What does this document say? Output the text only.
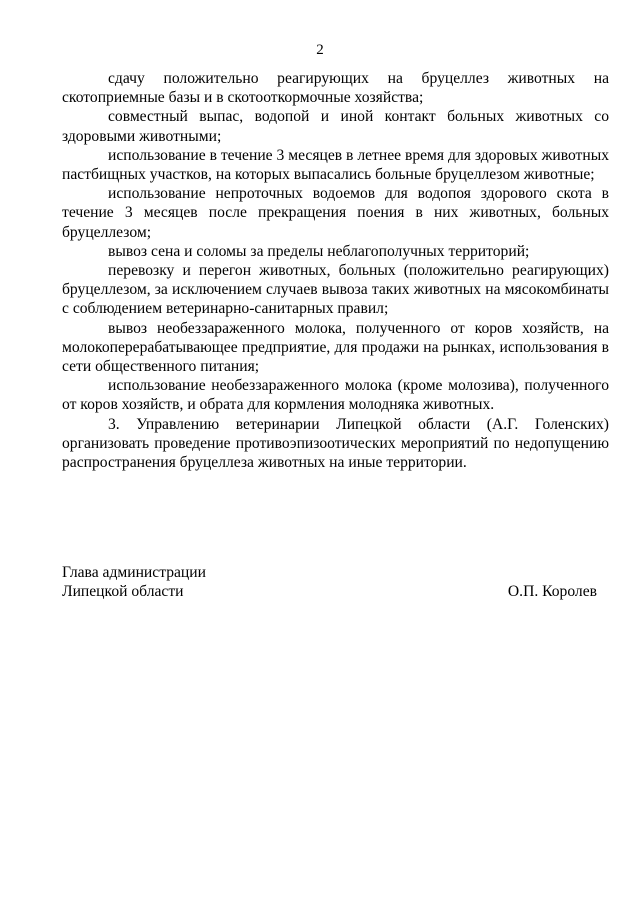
2

сдачу положительно реагирующих на бруцеллез животных на скотоприемные базы и в скотооткормочные хозяйства;

совместный выпас, водопой и иной контакт больных животных со здоровыми животными;

использование в течение 3 месяцев в летнее время для здоровых животных пастбищных участков, на которых выпасались больные бруцеллезом животные;

использование непроточных водоемов для водопоя здорового скота в течение 3 месяцев после прекращения поения в них животных, больных бруцеллезом;

вывоз сена и соломы за пределы неблагополучных территорий;

перевозку и перегон животных, больных (положительно реагирующих) бруцеллезом, за исключением случаев вывоза таких животных на мясокомбинаты с соблюдением ветеринарно-санитарных правил;

вывоз необеззараженного молока, полученного от коров хозяйств, на молокоперерабатывающее предприятие, для продажи на рынках, использования в сети общественного питания;

использование необеззараженного молока (кроме молозива), полученного от коров хозяйств, и обрата для кормления молодняка животных.

3. Управлению ветеринарии Липецкой области (А.Г. Голенских) организовать проведение противоэпизоотических мероприятий по недопущению распространения бруцеллеза животных на иные территории.

Глава администрации
Липецкой области	О.П. Королев
